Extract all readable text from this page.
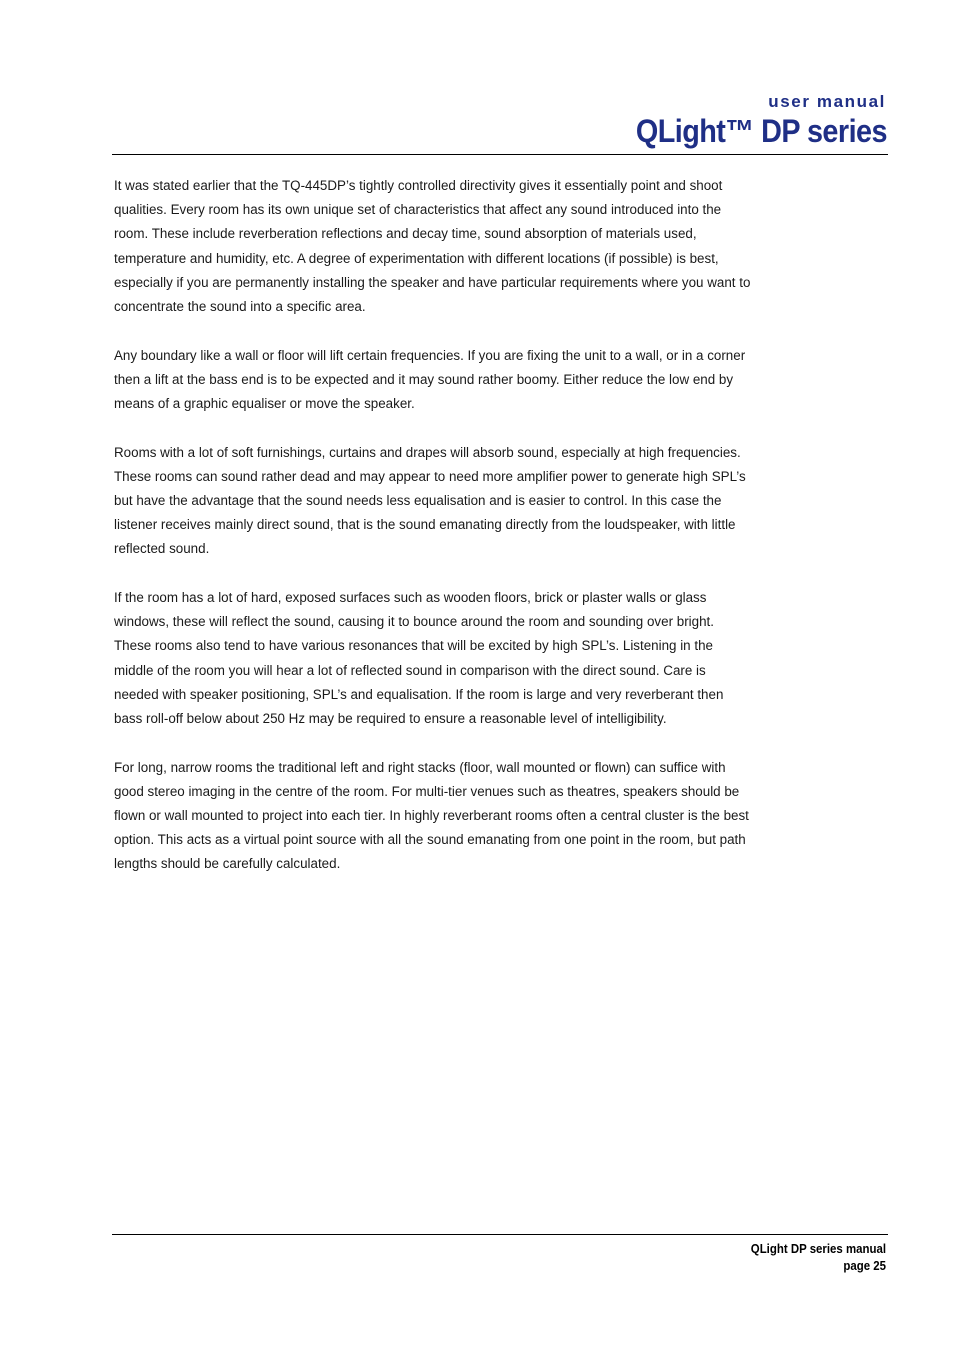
user manual
QLight™ DP series

It was stated earlier that the TQ-445DP’s tightly controlled directivity gives it essentially point and shoot qualities. Every room has its own unique set of characteristics that affect any sound introduced into the room. These include reverberation reflections and decay time, sound absorption of materials used, temperature and humidity, etc. A degree of experimentation with different locations (if possible) is best, especially if you are permanently installing the speaker and have particular requirements where you want to concentrate the sound into a specific area.

Any boundary like a wall or floor will lift certain frequencies. If you are fixing the unit to a wall, or in a corner then a lift at the bass end is to be expected and it may sound rather boomy. Either reduce the low end by means of a graphic equaliser or move the speaker.

Rooms with a lot of soft furnishings, curtains and drapes will absorb sound, especially at high frequencies. These rooms can sound rather dead and may appear to need more amplifier power to generate high SPL’s but have the advantage that the sound needs less equalisation and is easier to control. In this case the listener receives mainly direct sound, that is the sound emanating directly from the loudspeaker, with little reflected sound.

If the room has a lot of hard, exposed surfaces such as wooden floors, brick or plaster walls or glass windows, these will reflect the sound, causing it to bounce around the room and sounding over bright. These rooms also tend to have various resonances that will be excited by high SPL’s. Listening in the middle of the room you will hear a lot of reflected sound in comparison with the direct sound. Care is needed with speaker positioning, SPL’s and equalisation. If the room is large and very reverberant then bass roll-off below about 250 Hz may be required to ensure a reasonable level of intelligibility.

For long, narrow rooms the traditional left and right stacks (floor, wall mounted or flown) can suffice with good stereo imaging in the centre of the room. For multi-tier venues such as theatres, speakers should be flown or wall mounted to project into each tier. In highly reverberant rooms often a central cluster is the best option. This acts as a virtual point source with all the sound emanating from one point in the room, but path lengths should be carefully calculated.

QLight DP series manual
page 25
